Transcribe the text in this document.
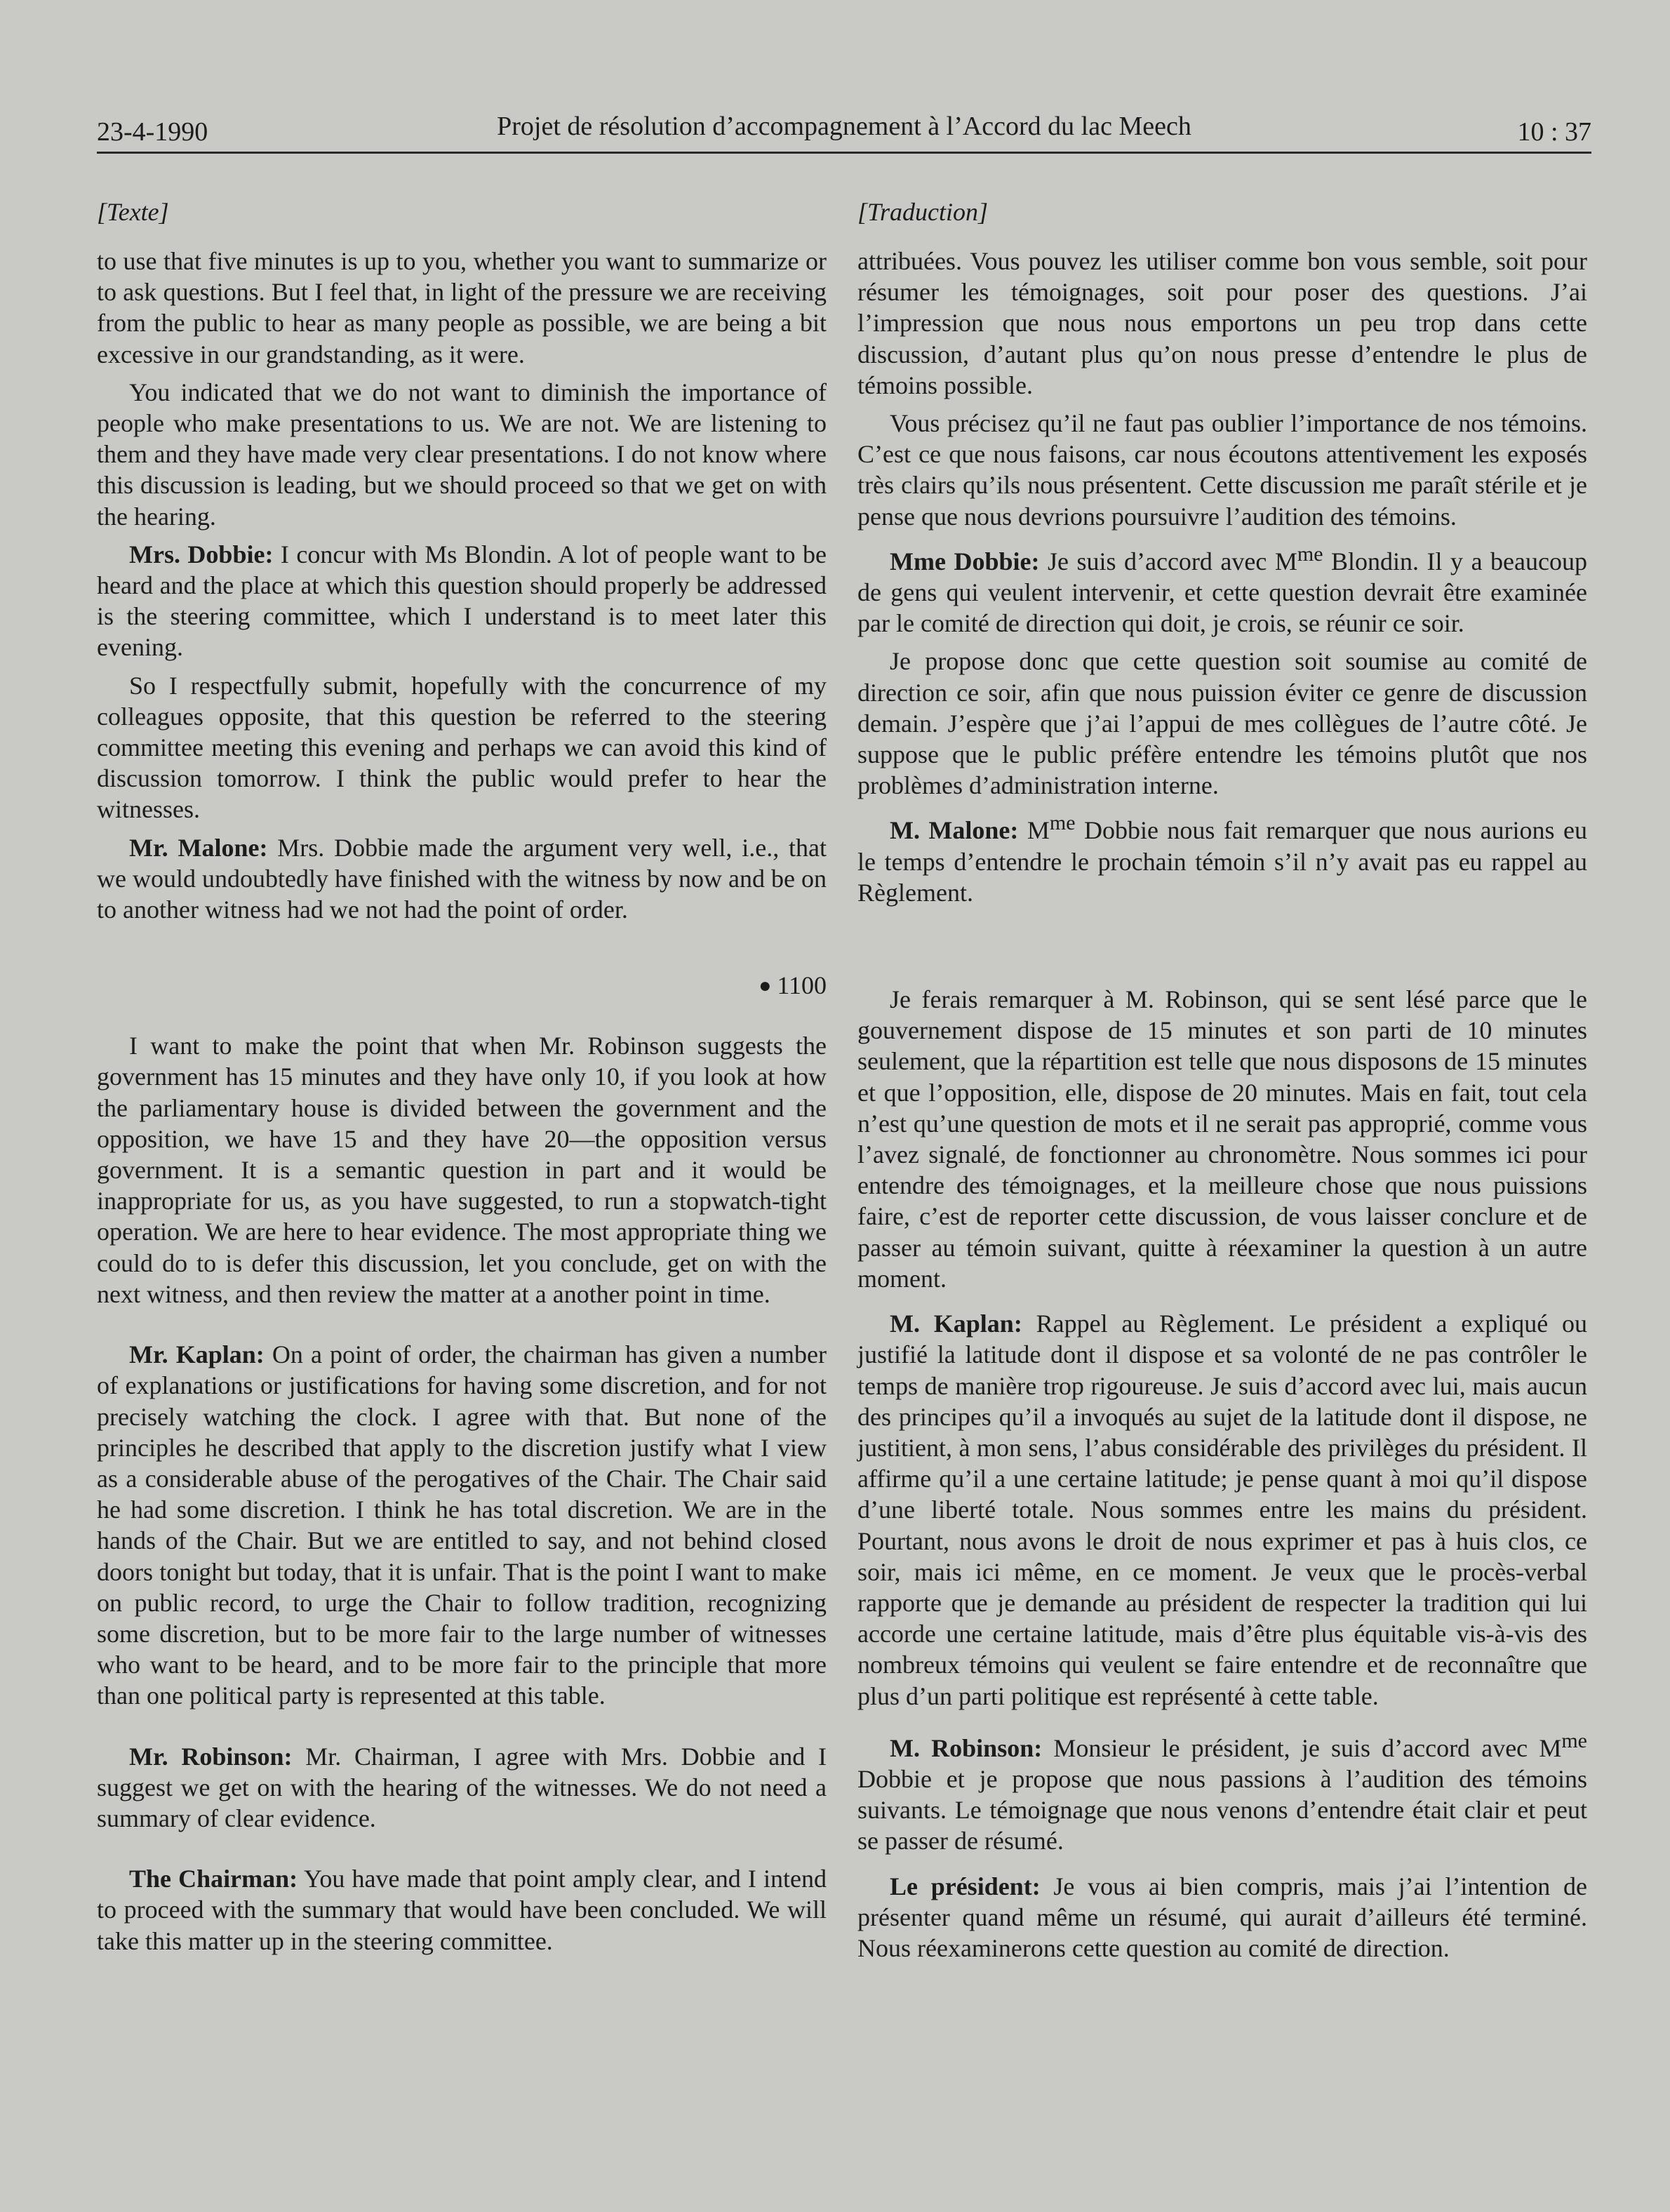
23-4-1990	Projet de résolution d’accompagnement à l’Accord du lac Meech	10 : 37
[Texte]

to use that five minutes is up to you, whether you want to summarize or to ask questions. But I feel that, in light of the pressure we are receiving from the public to hear as many people as possible, we are being a bit excessive in our grandstanding, as it were.

You indicated that we do not want to diminish the importance of people who make presentations to us. We are not. We are listening to them and they have made very clear presentations. I do not know where this discussion is leading, but we should proceed so that we get on with the hearing.

Mrs. Dobbie: I concur with Ms Blondin. A lot of people want to be heard and the place at which this question should properly be addressed is the steering committee, which I understand is to meet later this evening.

So I respectfully submit, hopefully with the concurrence of my colleagues opposite, that this question be referred to the steering committee meeting this evening and perhaps we can avoid this kind of discussion tomorrow. I think the public would prefer to hear the witnesses.

Mr. Malone: Mrs. Dobbie made the argument very well, i.e., that we would undoubtedly have finished with the witness by now and be on to another witness had we not had the point of order.

● 1100

I want to make the point that when Mr. Robinson suggests the government has 15 minutes and they have only 10, if you look at how the parliamentary house is divided between the government and the opposition, we have 15 and they have 20—the opposition versus government. It is a semantic question in part and it would be inappropriate for us, as you have suggested, to run a stopwatch-tight operation. We are here to hear evidence. The most appropriate thing we could do to is defer this discussion, let you conclude, get on with the next witness, and then review the matter at a another point in time.

Mr. Kaplan: On a point of order, the chairman has given a number of explanations or justifications for having some discretion, and for not precisely watching the clock. I agree with that. But none of the principles he described that apply to the discretion justify what I view as a considerable abuse of the perogatives of the Chair. The Chair said he had some discretion. I think he has total discretion. We are in the hands of the Chair. But we are entitled to say, and not behind closed doors tonight but today, that it is unfair. That is the point I want to make on public record, to urge the Chair to follow tradition, recognizing some discretion, but to be more fair to the large number of witnesses who want to be heard, and to be more fair to the principle that more than one political party is represented at this table.

Mr. Robinson: Mr. Chairman, I agree with Mrs. Dobbie and I suggest we get on with the hearing of the witnesses. We do not need a summary of clear evidence.

The Chairman: You have made that point amply clear, and I intend to proceed with the summary that would have been concluded. We will take this matter up in the steering committee.

[Traduction]

attribuées. Vous pouvez les utiliser comme bon vous semble, soit pour résumer les témoignages, soit pour poser des questions. J’ai l’impression que nous nous emportons un peu trop dans cette discussion, d’autant plus qu’on nous presse d’entendre le plus de témoins possible.

Vous précisez qu’il ne faut pas oublier l’importance de nos témoins. C’est ce que nous faisons, car nous écoutons attentivement les exposés très clairs qu’ils nous présentent. Cette discussion me paraît stérile et je pense que nous devrions poursuivre l’audition des témoins.

Mme Dobbie: Je suis d’accord avec $M^{me}$ Blondin. Il y a beaucoup de gens qui veulent intervenir, et cette question devrait être examinée par le comité de direction qui doit, je crois, se réunir ce soir.

Je propose donc que cette question soit soumise au comité de direction ce soir, afin que nous puission éviter ce genre de discussion demain. J’espère que j’ai l’appui de mes collègues de l’autre côté. Je suppose que le public préfère entendre les témoins plutôt que nos problèmes d’administration interne.

M. Malone: $M^{me}$ Dobbie nous fait remarquer que nous aurions eu le temps d’entendre le prochain témoin s’il n’y avait pas eu rappel au Règlement.

Je ferais remarquer à M. Robinson, qui se sent lésé parce que le gouvernement dispose de 15 minutes et son parti de 10 minutes seulement, que la répartition est telle que nous disposons de 15 minutes et que l’opposition, elle, dispose de 20 minutes. Mais en fait, tout cela n’est qu’une question de mots et il ne serait pas approprié, comme vous l’avez signalé, de fonctionner au chronomètre. Nous sommes ici pour entendre des témoignages, et la meilleure chose que nous puissions faire, c’est de reporter cette discussion, de vous laisser conclure et de passer au témoin suivant, quitte à réexaminer la question à un autre moment.

M. Kaplan: Rappel au Règlement. Le président a expliqué ou justifié la latitude dont il dispose et sa volonté de ne pas contrôler le temps de manière trop rigoureuse. Je suis d’accord avec lui, mais aucun des principes qu’il a invoqués au sujet de la latitude dont il dispose, ne justitient, à mon sens, l’abus considérable des privilèges du président. Il affirme qu’il a une certaine latitude; je pense quant à moi qu’il dispose d’une liberté totale. Nous sommes entre les mains du président. Pourtant, nous avons le droit de nous exprimer et pas à huis clos, ce soir, mais ici même, en ce moment. Je veux que le procès-verbal rapporte que je demande au président de respecter la tradition qui lui accorde une certaine latitude, mais d’être plus équitable vis-à-vis des nombreux témoins qui veulent se faire entendre et de reconnaître que plus d’un parti politique est représenté à cette table.

M. Robinson: Monsieur le président, je suis d’accord avec $M^{me}$ Dobbie et je propose que nous passions à l’audition des témoins suivants. Le témoignage que nous venons d’entendre était clair et peut se passer de résumé.

Le président: Je vous ai bien compris, mais j’ai l’intention de présenter quand même un résumé, qui aurait d’ailleurs été terminé. Nous réexaminerons cette question au comité de direction.
